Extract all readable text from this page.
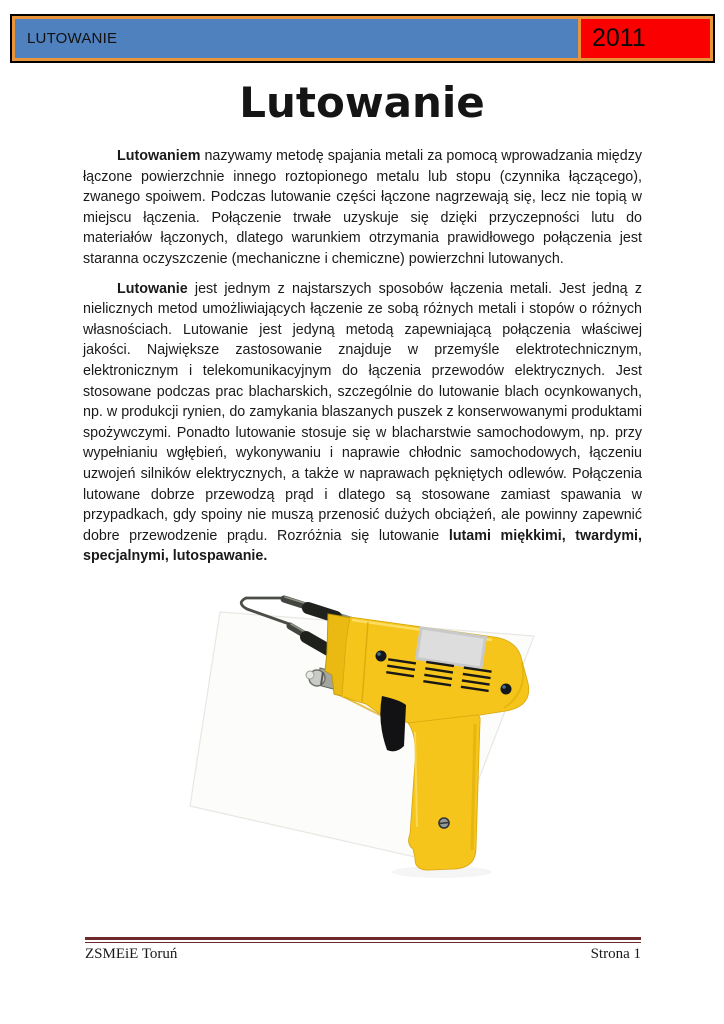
LUTOWANIE	2011
Lutowanie

Lutowaniem nazywamy metodę spajania metali za pomocą wprowadzania między łączone powierzchnie innego roztopionego metalu lub stopu (czynnika łączącego), zwanego spoiwem. Podczas lutowanie części łączone nagrzewają się, lecz nie topią w miejscu łączenia. Połączenie trwałe uzyskuje się dzięki przyczepności lutu do materiałów łączonych, dlatego warunkiem otrzymania prawidłowego połączenia jest staranna oczyszczenie (mechaniczne i chemiczne) powierzchni lutowanych.

Lutowanie jest jednym z najstarszych sposobów łączenia metali. Jest jedną z nielicznych metod umożliwiających łączenie ze sobą różnych metali i stopów o różnych własnościach. Lutowanie jest jedyną metodą zapewniającą połączenia właściwej jakości. Największe zastosowanie znajduje w przemyśle elektrotechnicznym, elektronicznym i telekomunikacyjnym do łączenia przewodów elektrycznych. Jest stosowane podczas prac blacharskich, szczególnie do lutowanie blach ocynkowanych, np. w produkcji rynien, do zamykania blaszanych puszek z konserwowanymi produktami spożywczymi. Ponadto lutowanie stosuje się w blacharstwie samochodowym, np. przy wypełnianiu wgłębień, wykonywaniu i naprawie chłodnic samochodowych, łączeniu uzwojeń silników elektrycznych, a także w naprawach pękniętych odlewów. Połączenia lutowane dobrze przewodzą prąd i dlatego są stosowane zamiast spawania w przypadkach, gdy spoiny nie muszą przenosić dużych obciążeń, ale powinny zapewnić dobre przewodzenie prądu. Rozróżnia się lutowanie lutami miękkimi, twardymi, specjalnymi, lutospawanie.

ZSMEiE Toruń	Strona 1
